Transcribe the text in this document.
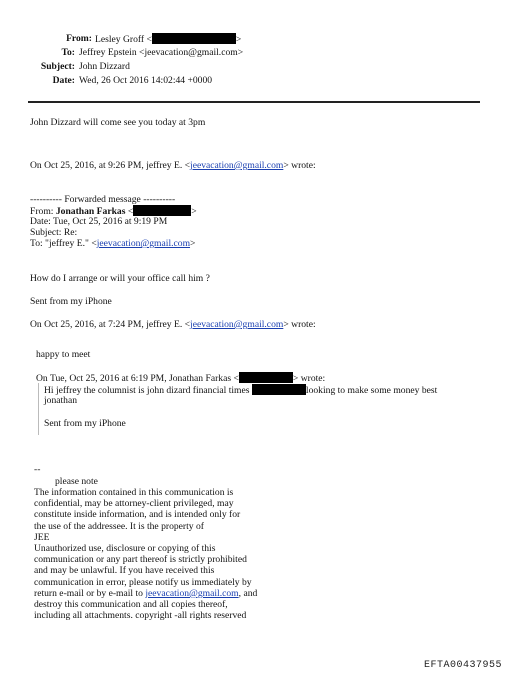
From: Lesley Groff <	>
To: Jeffrey Epstein <jeevacation@gmail.com>
Subject: John Dizzard
Date: Wed, 26 Oct 2016 14:02:44 +0000
John Dizzard will come see you today at 3pm
On Oct 25, 2016, at 9:26 PM, jeffrey E. <jeevacation@gmail.com> wrote:
---------- Forwarded message ----------
From: Jonathan Farkas <	>
Date: Tue, Oct 25, 2016 at 9:19 PM
Subject: Re:
To: "jeffrey E." <jeevacation@gmail.com>
How do I arrange or will your office call him ?
Sent from my iPhone
On Oct 25, 2016, at 7:24 PM, jeffrey E. <jeevacation@gmail.com> wrote:
happy to meet
On Tue, Oct 25, 2016 at 6:19 PM, Jonathan Farkas <	> wrote:
Hi jeffrey the columnist is john dizard financial times	looking to make some money best
jonathan
Sent from my iPhone
--
please note
The information contained in this communication is
confidential, may be attorney-client privileged, may
constitute inside information, and is intended only for
the use of the addressee. It is the property of
JEE
Unauthorized use, disclosure or copying of this
communication or any part thereof is strictly prohibited
and may be unlawful. If you have received this
communication in error, please notify us immediately by
return e-mail or by e-mail to jeevacation@gmail.com, and
destroy this communication and all copies thereof,
including all attachments. copyright -all rights reserved
EFTA00437955
